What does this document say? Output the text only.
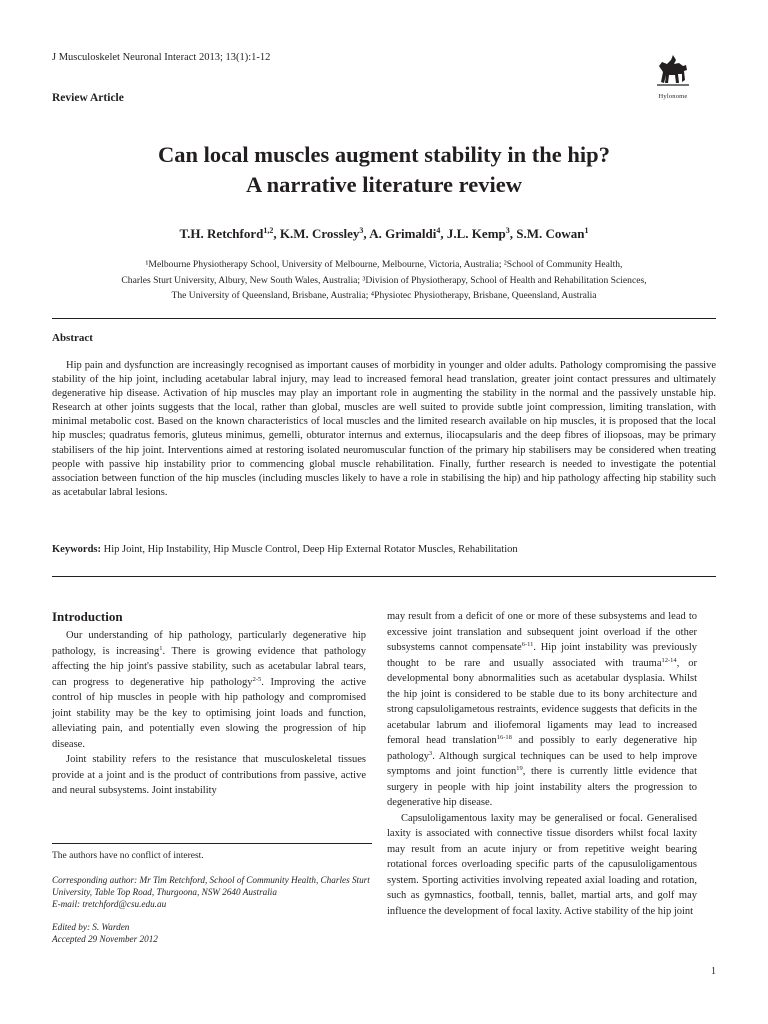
J Musculoskelet Neuronal Interact 2013; 13(1):1-12
Hylonome
Review Article
Can local muscles augment stability in the hip?
A narrative literature review
T.H. Retchford$^{1,2}$, K.M. Crossley$^3$, A. Grimaldi$^4$, J.L. Kemp$^3$, S.M. Cowan$^1$
¹Melbourne Physiotherapy School, University of Melbourne, Melbourne, Victoria, Australia; ²School of Community Health,
Charles Sturt University, Albury, New South Wales, Australia; ³Division of Physiotherapy, School of Health and Rehabilitation Sciences,
The University of Queensland, Brisbane, Australia; ⁴Physiotec Physiotherapy, Brisbane, Queensland, Australia
Abstract

Hip pain and dysfunction are increasingly recognised as important causes of morbidity in younger and older adults. Pathology compromising the passive stability of the hip joint, including acetabular labral injury, may lead to increased femoral head translation, greater joint contact pressures and ultimately degenerative hip disease. Activation of hip muscles may play an important role in augmenting the stability in the normal and the passively unstable hip. Research at other joints suggests that the local, rather than global, muscles are well suited to provide subtle joint compression, limiting translation, with minimal metabolic cost. Based on the known characteristics of local muscles and the limited research available on hip muscles, it is proposed that the local hip muscles; quadratus femoris, gluteus minimus, gemelli, obturator internus and externus, iliocapsularis and the deep fibres of iliopsoas, may be primary stabilisers of the hip joint. Interventions aimed at restoring isolated neuromuscular function of the primary hip stabilisers may be considered when treating people with passive hip instability prior to commencing global muscle rehabilitation. Finally, further research is needed to investigate the potential association between function of the hip muscles (including muscles likely to have a role in stabilising the hip) and hip pathology affecting hip stability such as acetabular labral lesions.

Keywords: Hip Joint, Hip Instability, Hip Muscle Control, Deep Hip External Rotator Muscles, Rehabilitation
Introduction

Our understanding of hip pathology, particularly degenerative hip pathology, is increasing$^1$. There is growing evidence that pathology affecting the hip joint's passive stability, such as acetabular labral tears, can progress to degenerative hip pathology$^{2-5}$. Improving the active control of hip muscles in people with hip pathology and compromised joint stability may be the key to optimising joint loads and function, alleviating pain, and potentially even slowing the progression of hip disease.

Joint stability refers to the resistance that musculoskeletal tissues provide at a joint and is the product of contributions from passive, active and neural subsystems. Joint instability

may result from a deficit of one or more of these subsystems and lead to excessive joint translation and subsequent joint overload if the other subsystems cannot compensate$^{6-11}$. Hip joint instability was previously thought to be rare and usually associated with trauma$^{12-14}$, or developmental bony abnormalities such as acetabular dysplasia. Whilst the hip joint is considered to be stable due to its bony architecture and strong capsuloligametous restraints, evidence suggests that deficits in the acetabular labrum and iliofemoral ligaments may lead to increased femoral head translation$^{16-18}$ and possibly to early degenerative hip pathology$^3$. Although surgical techniques can be used to help improve symptoms and joint function$^{19}$, there is currently little evidence that surgery in people with hip joint instability alters the progression to degenerative hip disease.

Capsuloligamentous laxity may be generalised or focal. Generalised laxity is associated with connective tissue disorders whilst focal laxity may result from an acute injury or from repetitive weight bearing rotational forces overloading specific parts of the capusuloligamentous system. Sporting activities involving repeated axial loading and rotation, such as gymnastics, football, tennis, ballet, martial arts, and golf may influence the development of focal laxity. Active stability of the hip joint

The authors have no conflict of interest.
Corresponding author: Mr Tim Retchford, School of Community Health, Charles Sturt University, Table Top Road, Thurgoona, NSW 2640 Australia
E-mail: tretchford@csu.edu.au
Edited by: S. Warden
Accepted 29 November 2012
1
